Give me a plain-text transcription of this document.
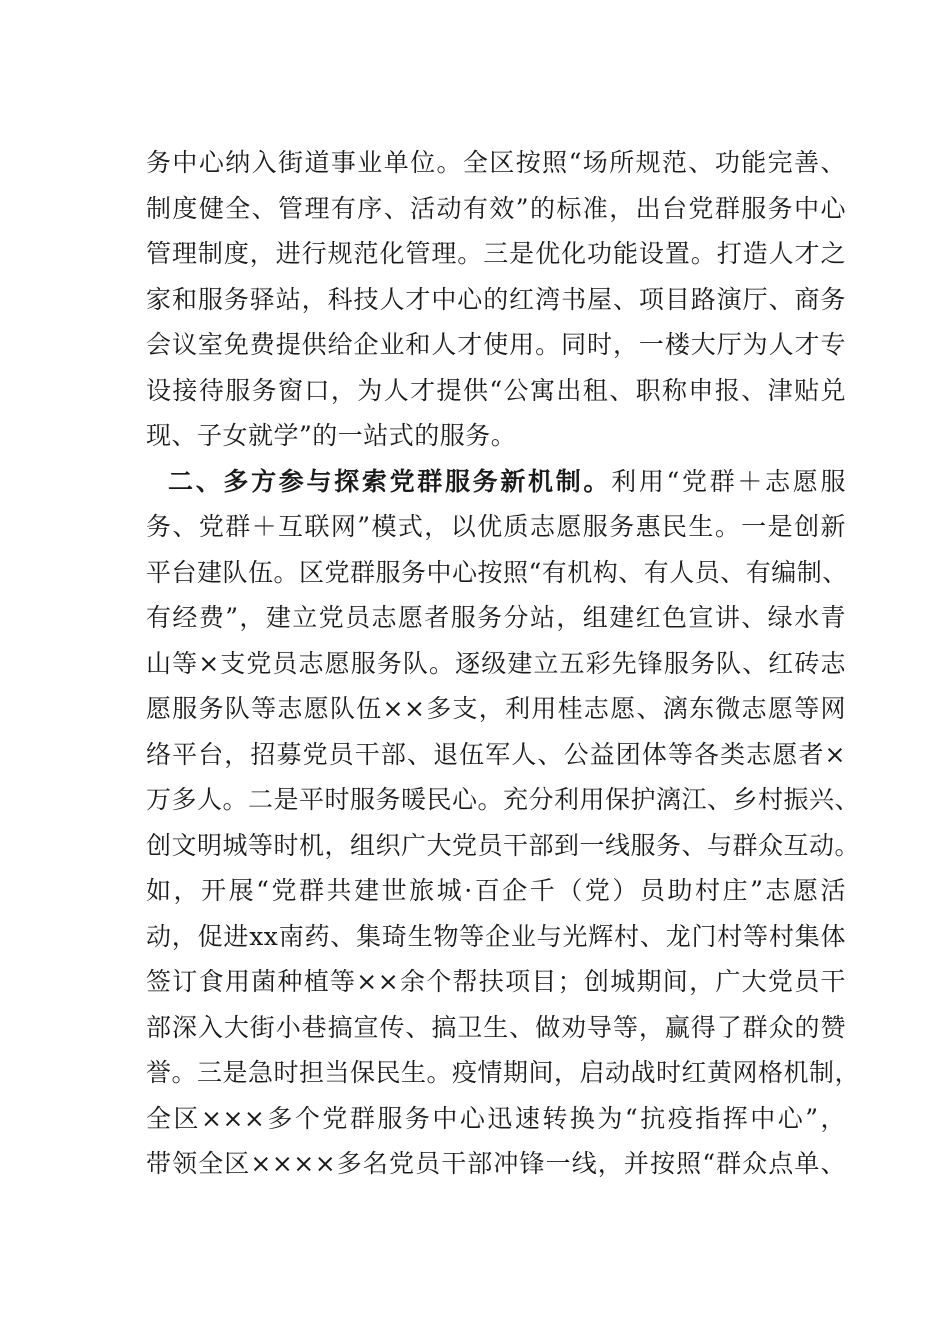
务中心纳入街道事业单位。全区按照“场所规范、功能完善、
制度健全、管理有序、活动有效”的标准，出台党群服务中心
管理制度，进行规范化管理。三是优化功能设置。打造人才之
家和服务驿站，科技人才中心的红湾书屋、项目路演厅、商务
会议室免费提供给企业和人才使用。同时，一楼大厅为人才专
设接待服务窗口，为人才提供“公寓出租、职称申报、津贴兑
现、子女就学”的一站式的服务。
二、多方参与探索党群服务新机制。利用“党群＋志愿服
务、党群＋互联网”模式，以优质志愿服务惠民生。一是创新
平台建队伍。区党群服务中心按照“有机构、有人员、有编制、
有经费”，建立党员志愿者服务分站，组建红色宣讲、绿水青
山等×支党员志愿服务队。逐级建立五彩先锋服务队、红砖志
愿服务队等志愿队伍××多支，利用桂志愿、漓东微志愿等网
络平台，招募党员干部、退伍军人、公益团体等各类志愿者×
万多人。二是平时服务暖民心。充分利用保护漓江、乡村振兴、
创文明城等时机，组织广大党员干部到一线服务、与群众互动。
如，开展“党群共建世旅城·百企千（党）员助村庄”志愿活
动，促进xx南药、集琦生物等企业与光辉村、龙门村等村集体
签订食用菌种植等××余个帮扶项目；创城期间，广大党员干
部深入大街小巷搞宣传、搞卫生、做劝导等，赢得了群众的赞
誉。三是急时担当保民生。疫情期间，启动战时红黄网格机制，
全区×××多个党群服务中心迅速转换为“抗疫指挥中心”，
带领全区××××多名党员干部冲锋一线，并按照“群众点单、
